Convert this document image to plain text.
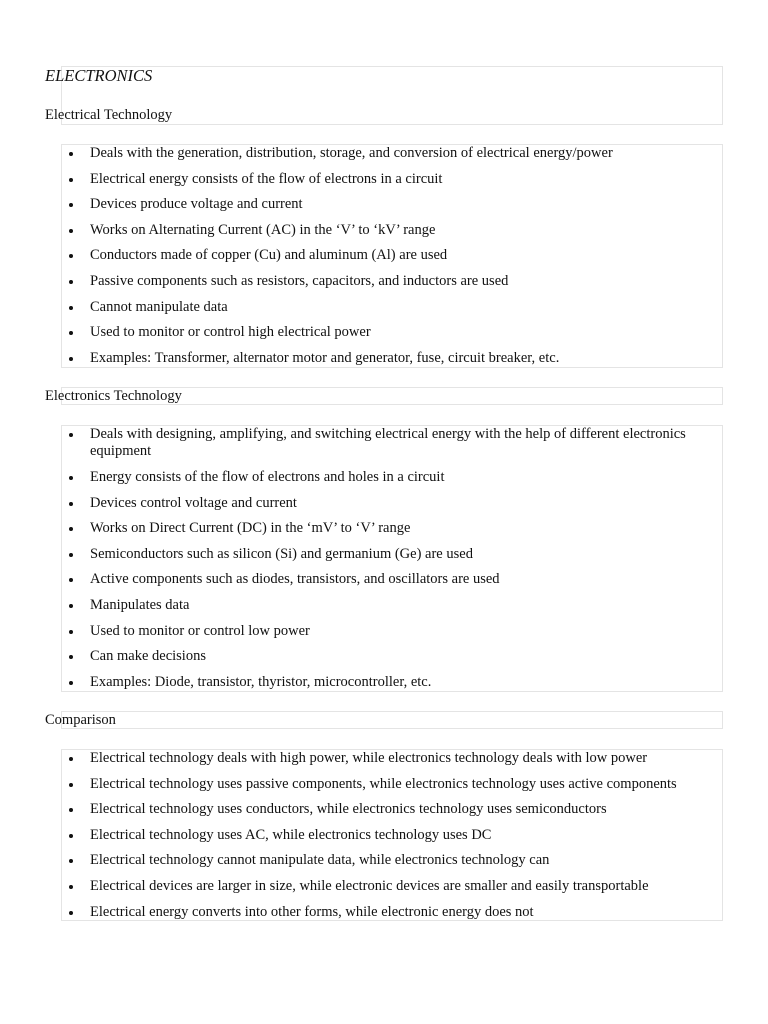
ELECTRONICS
Electrical Technology
Deals with the generation, distribution, storage, and conversion of electrical energy/power
Electrical energy consists of the flow of electrons in a circuit
Devices produce voltage and current
Works on Alternating Current (AC) in the ‘V’ to ‘kV’ range
Conductors made of copper (Cu) and aluminum (Al) are used
Passive components such as resistors, capacitors, and inductors are used
Cannot manipulate data
Used to monitor or control high electrical power
Examples: Transformer, alternator motor and generator, fuse, circuit breaker, etc.
Electronics Technology
Deals with designing, amplifying, and switching electrical energy with the help of different electronics equipment
Energy consists of the flow of electrons and holes in a circuit
Devices control voltage and current
Works on Direct Current (DC) in the ‘mV’ to ‘V’ range
Semiconductors such as silicon (Si) and germanium (Ge) are used
Active components such as diodes, transistors, and oscillators are used
Manipulates data
Used to monitor or control low power
Can make decisions
Examples: Diode, transistor, thyristor, microcontroller, etc.
Comparison
Electrical technology deals with high power, while electronics technology deals with low power
Electrical technology uses passive components, while electronics technology uses active components
Electrical technology uses conductors, while electronics technology uses semiconductors
Electrical technology uses AC, while electronics technology uses DC
Electrical technology cannot manipulate data, while electronics technology can
Electrical devices are larger in size, while electronic devices are smaller and easily transportable
Electrical energy converts into other forms, while electronic energy does not
